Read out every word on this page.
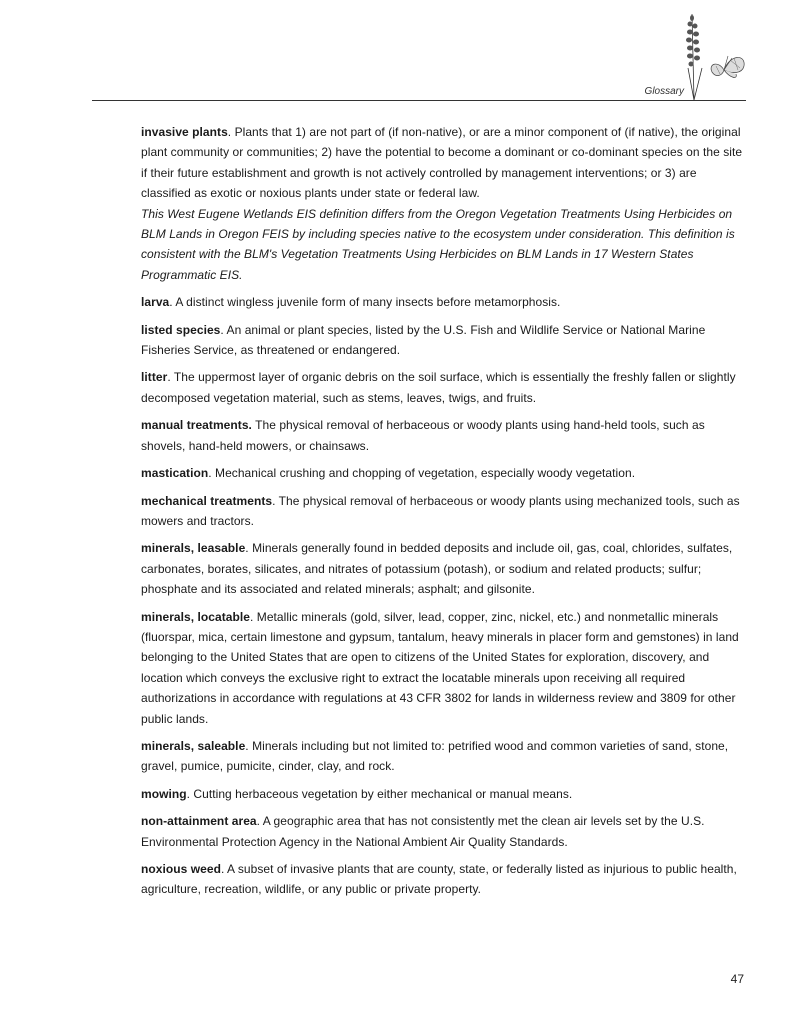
Glossary

invasive plants. Plants that 1) are not part of (if non-native), or are a minor component of (if native), the original plant community or communities; 2) have the potential to become a dominant or co-dominant species on the site if their future establishment and growth is not actively controlled by management interventions; or 3) are classified as exotic or noxious plants under state or federal law.
This West Eugene Wetlands EIS definition differs from the Oregon Vegetation Treatments Using Herbicides on BLM Lands in Oregon FEIS by including species native to the ecosystem under consideration. This definition is consistent with the BLM's Vegetation Treatments Using Herbicides on BLM Lands in 17 Western States Programmatic EIS.

larva. A distinct wingless juvenile form of many insects before metamorphosis.

listed species. An animal or plant species, listed by the U.S. Fish and Wildlife Service or National Marine Fisheries Service, as threatened or endangered.

litter. The uppermost layer of organic debris on the soil surface, which is essentially the freshly fallen or slightly decomposed vegetation material, such as stems, leaves, twigs, and fruits.

manual treatments. The physical removal of herbaceous or woody plants using hand-held tools, such as shovels, hand-held mowers, or chainsaws.

mastication. Mechanical crushing and chopping of vegetation, especially woody vegetation.

mechanical treatments. The physical removal of herbaceous or woody plants using mechanized tools, such as mowers and tractors.

minerals, leasable. Minerals generally found in bedded deposits and include oil, gas, coal, chlorides, sulfates, carbonates, borates, silicates, and nitrates of potassium (potash), or sodium and related products; sulfur; phosphate and its associated and related minerals; asphalt; and gilsonite.

minerals, locatable. Metallic minerals (gold, silver, lead, copper, zinc, nickel, etc.) and nonmetallic minerals (fluorspar, mica, certain limestone and gypsum, tantalum, heavy minerals in placer form and gemstones) in land belonging to the United States that are open to citizens of the United States for exploration, discovery, and location which conveys the exclusive right to extract the locatable minerals upon receiving all required authorizations in accordance with regulations at 43 CFR 3802 for lands in wilderness review and 3809 for other public lands.

minerals, saleable. Minerals including but not limited to: petrified wood and common varieties of sand, stone, gravel, pumice, pumicite, cinder, clay, and rock.

mowing. Cutting herbaceous vegetation by either mechanical or manual means.

non-attainment area. A geographic area that has not consistently met the clean air levels set by the U.S. Environmental Protection Agency in the National Ambient Air Quality Standards.

noxious weed. A subset of invasive plants that are county, state, or federally listed as injurious to public health, agriculture, recreation, wildlife, or any public or private property.

47
